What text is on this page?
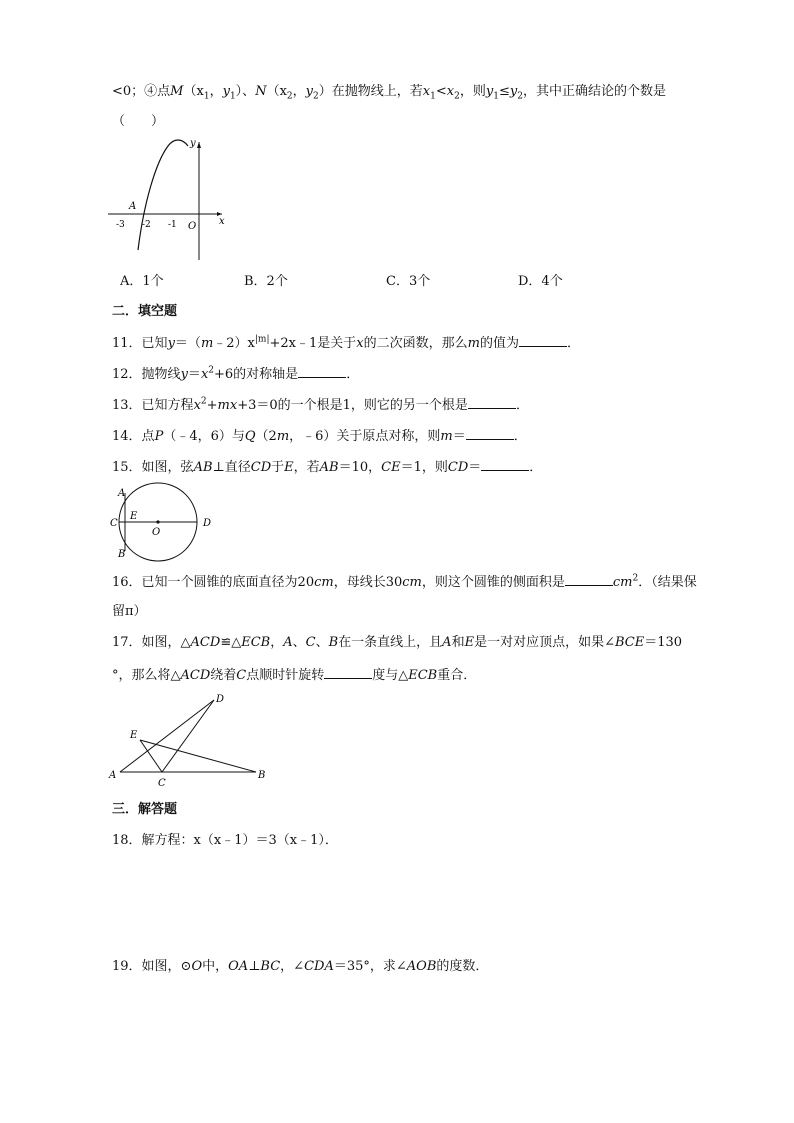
<0；④点$M(x_1$，$y_1$）、$N(x_2$，$y_2$）在抛物线上，若$x_1<x_2$，则$y_1\le y_2$，其中正确结论的个数是
（　　）
y
A
x
O
-3 -2 -1
A．1个	B．2个	C．3个	D．4个
二．填空题
11．已知$y=(m﹣2)x^{|m|}+2x﹣1$是关于x的二次函数，那么m的值为	．
12．抛物线$y=x^2+6$的对称轴是	．
13．已知方程$x^2+mx+3=0$的一个根是1，则它的另一个根是	．
14．点P（﹣4，6）与Q（2m，﹣6）关于原点对称，则m＝	．
15．如图，弦AB⊥直径CD于E，若AB＝10，CE＝1，则CD＝	．
A
C
E
O
D
B
16．已知一个圆锥的底面直径为20cm，母线长30cm，则这个圆锥的侧面积是	$cm^2$．（结果保
留π）
17．如图，△ACD≌△ECB，A、C、B在一条直线上，且A和E是一对对应顶点，如果∠BCE＝130
°，那么将△ACD绕着C点顺时针旋转	度与△ECB重合．
D
E
A
C
B
三．解答题
18．解方程：x（x﹣1）＝3（x﹣1）．
19．如图，⊙O中，OA⊥BC，∠CDA＝35°，求∠AOB的度数．
